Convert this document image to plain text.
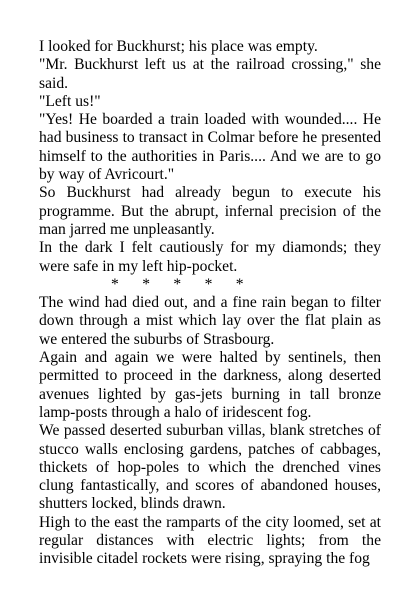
I looked for Buckhurst; his place was empty.

"Mr. Buckhurst left us at the railroad crossing," she said.

"Left us!"

"Yes! He boarded a train loaded with wounded.... He had business to transact in Colmar before he presented himself to the authorities in Paris.... And we are to go by way of Avricourt."

So Buckhurst had already begun to execute his programme. But the abrupt, infernal precision of the man jarred me unpleasantly.

In the dark I felt cautiously for my diamonds; they were safe in my left hip-pocket.

*      *      *      *      *

The wind had died out, and a fine rain began to filter down through a mist which lay over the flat plain as we entered the suburbs of Strasbourg.

Again and again we were halted by sentinels, then permitted to proceed in the darkness, along deserted avenues lighted by gas-jets burning in tall bronze lamp-posts through a halo of iridescent fog.

We passed deserted suburban villas, blank stretches of stucco walls enclosing gardens, patches of cabbages, thickets of hop-poles to which the drenched vines clung fantastically, and scores of abandoned houses, shutters locked, blinds drawn.

High to the east the ramparts of the city loomed, set at regular distances with electric lights; from the invisible citadel rockets were rising, spraying the fog
